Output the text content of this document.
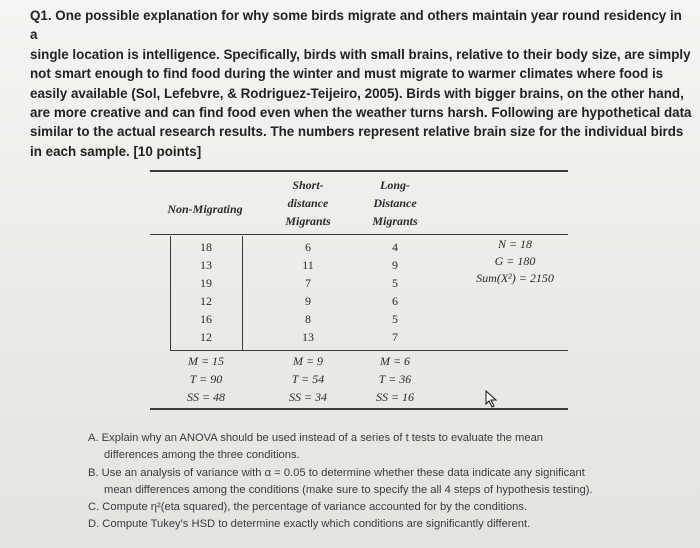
Q1. One possible explanation for why some birds migrate and others maintain year round residency in a

single location is intelligence. Specifically, birds with small brains, relative to their body size, are simply

not smart enough to find food during the winter and must migrate to warmer climates where food is

easily available (Sol, Lefebvre, & Rodriguez-Teijeiro, 2005). Birds with bigger brains, on the other hand,

are more creative and can find food even when the weather turns harsh. Following are hypothetical data

similar to the actual research results. The numbers represent relative brain size for the individual birds

in each sample. [10 points]

Non-Migrating
Short-
distance
Migrants
Long-
Distance
Migrants
18
13
19
12
16
12
6
11
7
9
8
13
4
9
5
6
5
7
M = 15
T = 90
SS = 48
M = 9
T = 54
SS = 34
M = 6
T = 36
SS = 16
N = 18
G = 180
Sum(X²) = 2150

A. Explain why an ANOVA should be used instead of a series of t tests to evaluate the mean

differences among the three conditions.

B. Use an analysis of variance with α = 0.05 to determine whether these data indicate any significant

mean differences among the conditions (make sure to specify the all 4 steps of hypothesis testing).

C. Compute η²(eta squared), the percentage of variance accounted for by the conditions.

D. Compute Tukey's HSD to determine exactly which conditions are significantly different.
